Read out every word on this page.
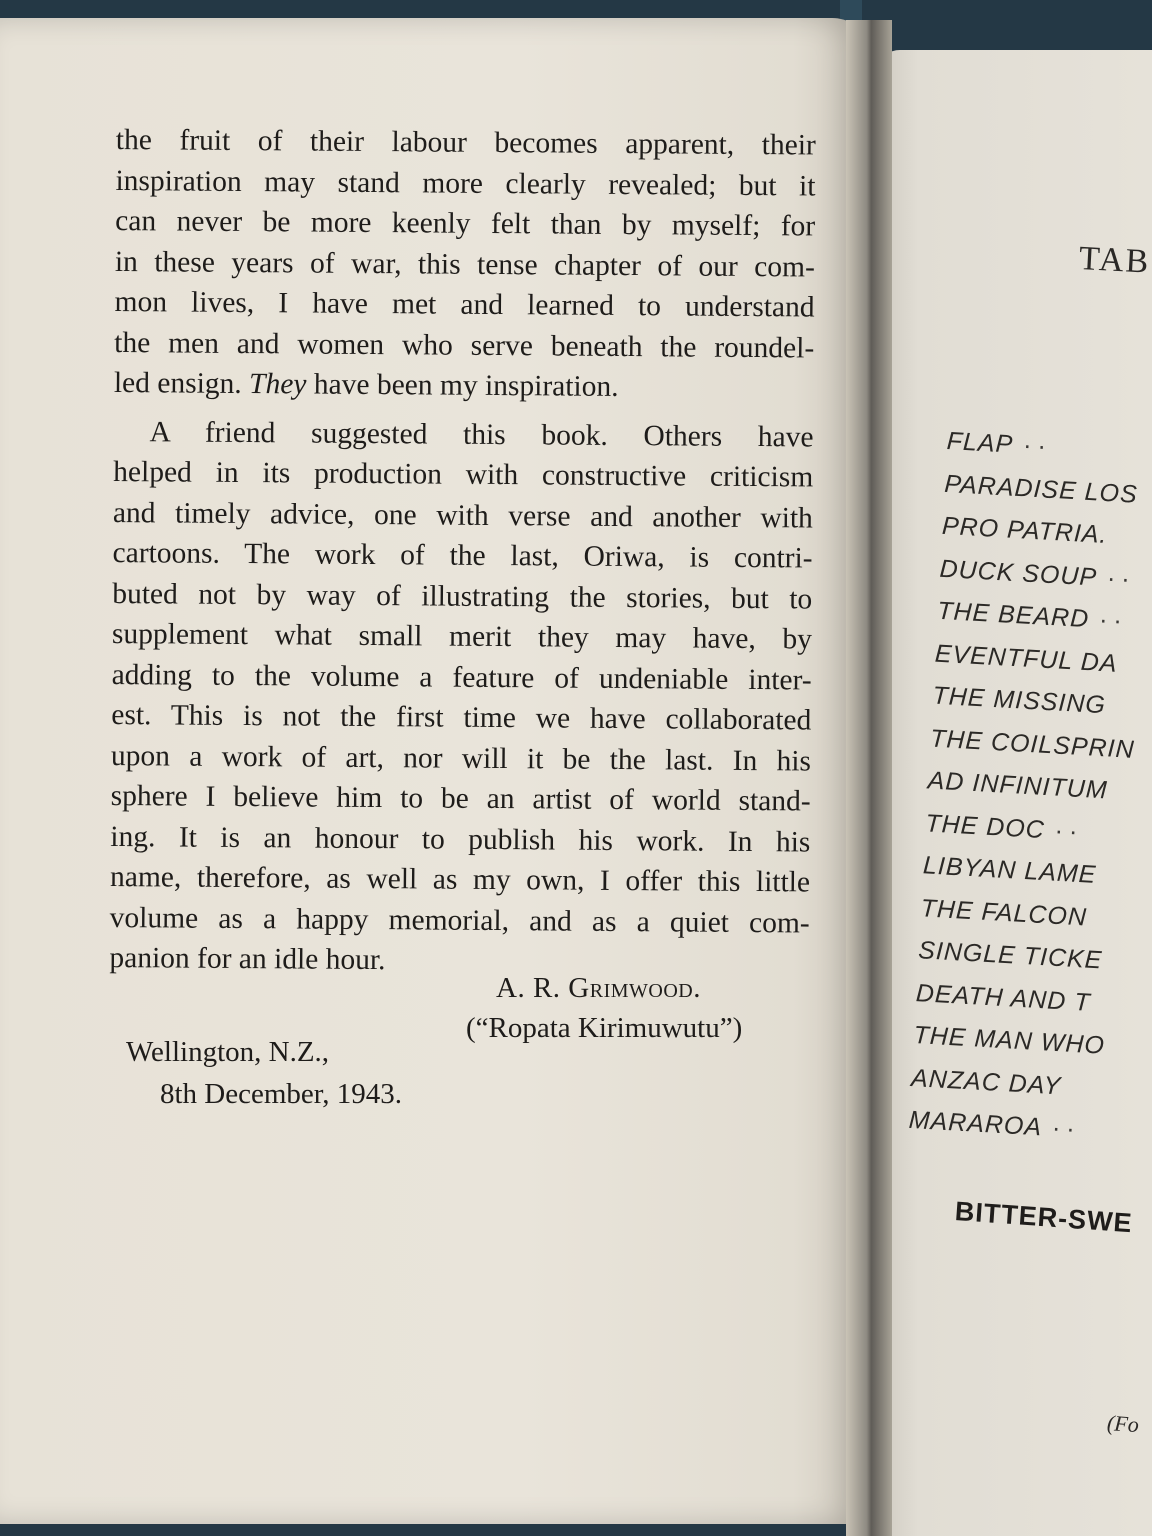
the fruit of their labour becomes apparent, their
inspiration may stand more clearly revealed; but it
can never be more keenly felt than by myself; for
in these years of war, this tense chapter of our com-
mon lives, I have met and learned to understand
the men and women who serve beneath the roundel-
led ensign. They have been my inspiration.
A friend suggested this book. Others have
helped in its production with constructive criticism
and timely advice, one with verse and another with
cartoons. The work of the last, Oriwa, is contri-
buted not by way of illustrating the stories, but to
supplement what small merit they may have, by
adding to the volume a feature of undeniable inter-
est. This is not the first time we have collaborated
upon a work of art, nor will it be the last. In his
sphere I believe him to be an artist of world stand-
ing. It is an honour to publish his work. In his
name, therefore, as well as my own, I offer this little
volume as a happy memorial, and as a quiet com-
panion for an idle hour.
A. R. Grimwood.
(“Ropata Kirimuwutu”)
Wellington, N.Z.,
8th December, 1943.
TAB
FLAP ··
PARADISE LOS
PRO PATRIA.
DUCK SOUP ··
THE BEARD ··
EVENTFUL DA
THE MISSING
THE COILSPRIN
AD INFINITUM
THE DOC ··
LIBYAN LAME
THE FALCON
SINGLE TICKE
DEATH AND T
THE MAN WHO
ANZAC DAY
MARAROA ··
BITTER-SWE
(Fo
